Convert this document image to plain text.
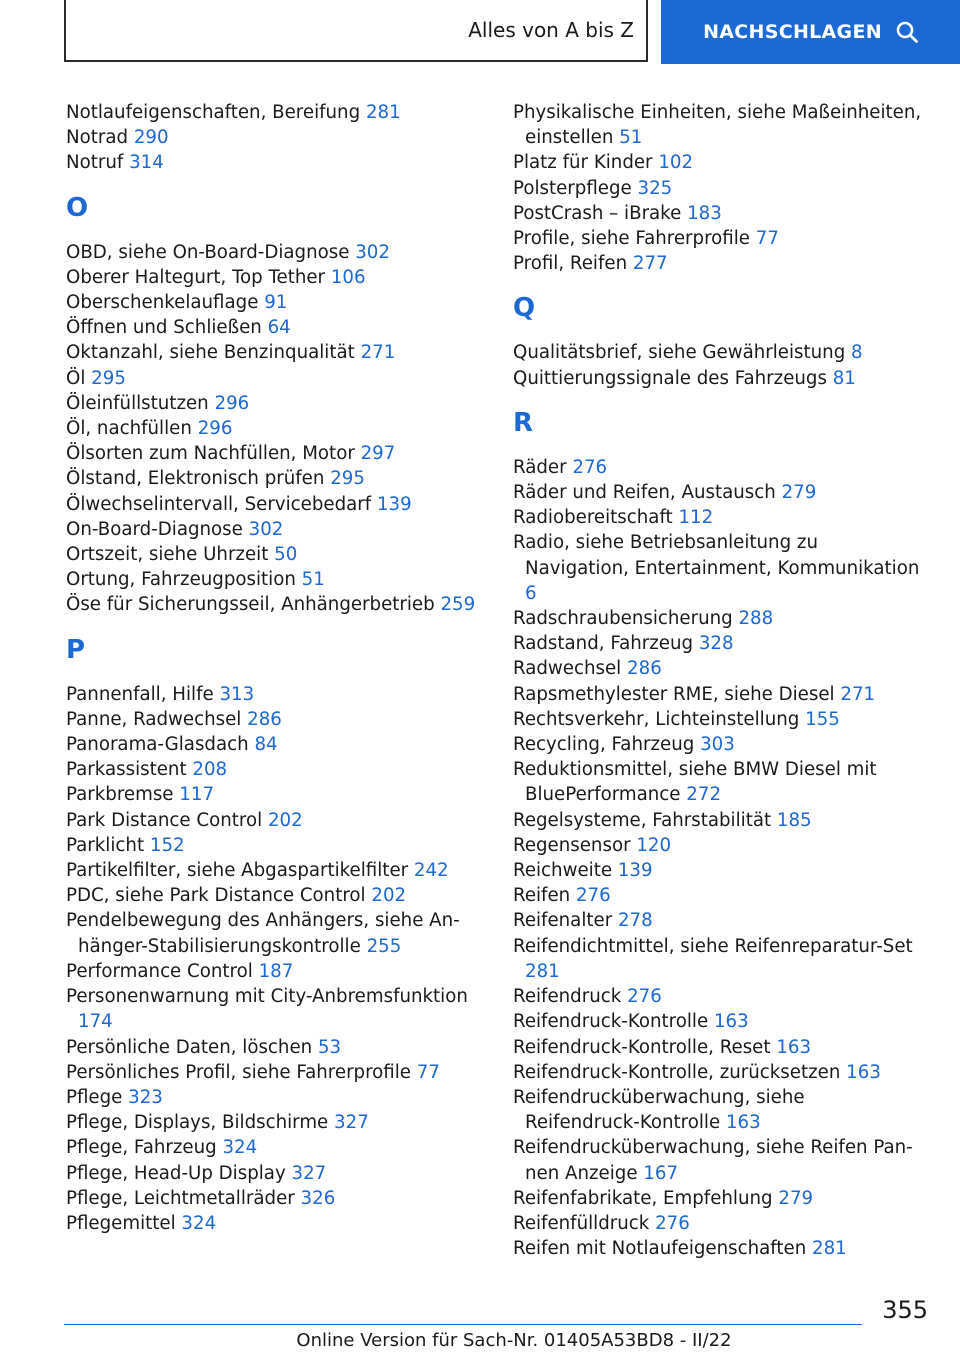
Alles von A bis Z	NACHSCHLAGEN

Notlaufeigenschaften, Bereifung 281

Notrad 290

Notruf 314

O

OBD, siehe On-Board-Diagnose 302

Oberer Haltegurt, Top Tether 106

Oberschenkelauflage 91

Öffnen und Schließen 64

Oktanzahl, siehe Benzinqualität 271

Öl 295

Öleinfüllstutzen 296

Öl, nachfüllen 296

Ölsorten zum Nachfüllen, Motor 297

Ölstand, Elektronisch prüfen 295

Ölwechselintervall, Servicebedarf 139

On-Board-Diagnose 302

Ortszeit, siehe Uhrzeit 50

Ortung, Fahrzeugposition 51

Öse für Sicherungsseil, Anhängerbetrieb 259

P

Pannenfall, Hilfe 313

Panne, Radwechsel 286

Panorama-Glasdach 84

Parkassistent 208

Parkbremse 117

Park Distance Control 202

Parklicht 152

Partikelfilter, siehe Abgaspartikelfilter 242

PDC, siehe Park Distance Control 202

Pendelbewegung des Anhängers, siehe Anhänger-Stabilisierungskontrolle 255

Performance Control 187

Personenwarnung mit City-Anbremsfunktion 174

Persönliche Daten, löschen 53

Persönliches Profil, siehe Fahrerprofile 77

Pflege 323

Pflege, Displays, Bildschirme 327

Pflege, Fahrzeug 324

Pflege, Head-Up Display 327

Pflege, Leichtmetallräder 326

Pflegemittel 324

Physikalische Einheiten, siehe Maßeinheiten, einstellen 51

Platz für Kinder 102

Polsterpflege 325

PostCrash – iBrake 183

Profile, siehe Fahrerprofile 77

Profil, Reifen 277

Q

Qualitätsbrief, siehe Gewährleistung 8

Quittierungssignale des Fahrzeugs 81

R

Räder 276

Räder und Reifen, Austausch 279

Radiobereitschaft 112

Radio, siehe Betriebsanleitung zu Navigation, Entertainment, Kommunikation 6

Radschraubensicherung 288

Radstand, Fahrzeug 328

Radwechsel 286

Rapsmethylester RME, siehe Diesel 271

Rechtsverkehr, Lichteinstellung 155

Recycling, Fahrzeug 303

Reduktionsmittel, siehe BMW Diesel mit BluePerformance 272

Regelsysteme, Fahrstabilität 185

Regensensor 120

Reichweite 139

Reifen 276

Reifenalter 278

Reifendichtmittel, siehe Reifenreparatur-Set 281

Reifendruck 276

Reifendruck-Kontrolle 163

Reifendruck-Kontrolle, Reset 163

Reifendruck-Kontrolle, zurücksetzen 163

Reifendrucküberwachung, siehe Reifendruck-Kontrolle 163

Reifendrucküberwachung, siehe Reifen Pannen Anzeige 167

Reifenfabrikate, Empfehlung 279

Reifenfülldruck 276

Reifen mit Notlaufeigenschaften 281

355
Online Version für Sach-Nr. 01405A53BD8 - II/22
